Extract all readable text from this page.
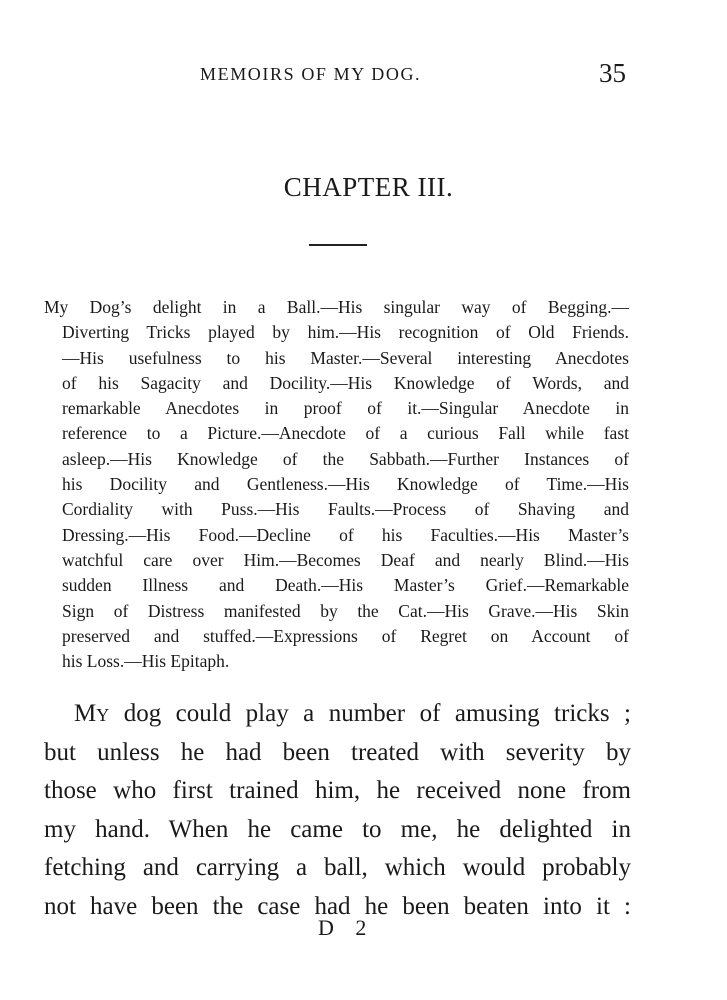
MEMOIRS OF MY DOG.	35
CHAPTER III.
My Dog’s delight in a Ball.—His singular way of Begging.—
Diverting Tricks played by him.—His recognition of Old Friends.
—His usefulness to his Master.—Several interesting Anecdotes
of his Sagacity and Docility.—His Knowledge of Words, and
remarkable Anecdotes in proof of it.—Singular Anecdote in
reference to a Picture.—Anecdote of a curious Fall while fast
asleep.—His Knowledge of the Sabbath.—Further Instances of
his Docility and Gentleness.—His Knowledge of Time.—His
Cordiality with Puss.—His Faults.—Process of Shaving and
Dressing.—His Food.—Decline of his Faculties.—His Master’s
watchful care over Him.—Becomes Deaf and nearly Blind.—His
sudden Illness and Death.—His Master’s Grief.—Remarkable
Sign of Distress manifested by the Cat.—His Grave.—His Skin
preserved and stuffed.—Expressions of Regret on Account of
his Loss.—His Epitaph.
My dog could play a number of amusing tricks ;
but unless he had been treated with severity by
those who first trained him, he received none from
my hand. When he came to me, he delighted in
fetching and carrying a ball, which would probably
not have been the case had he been beaten into it :
D 2
